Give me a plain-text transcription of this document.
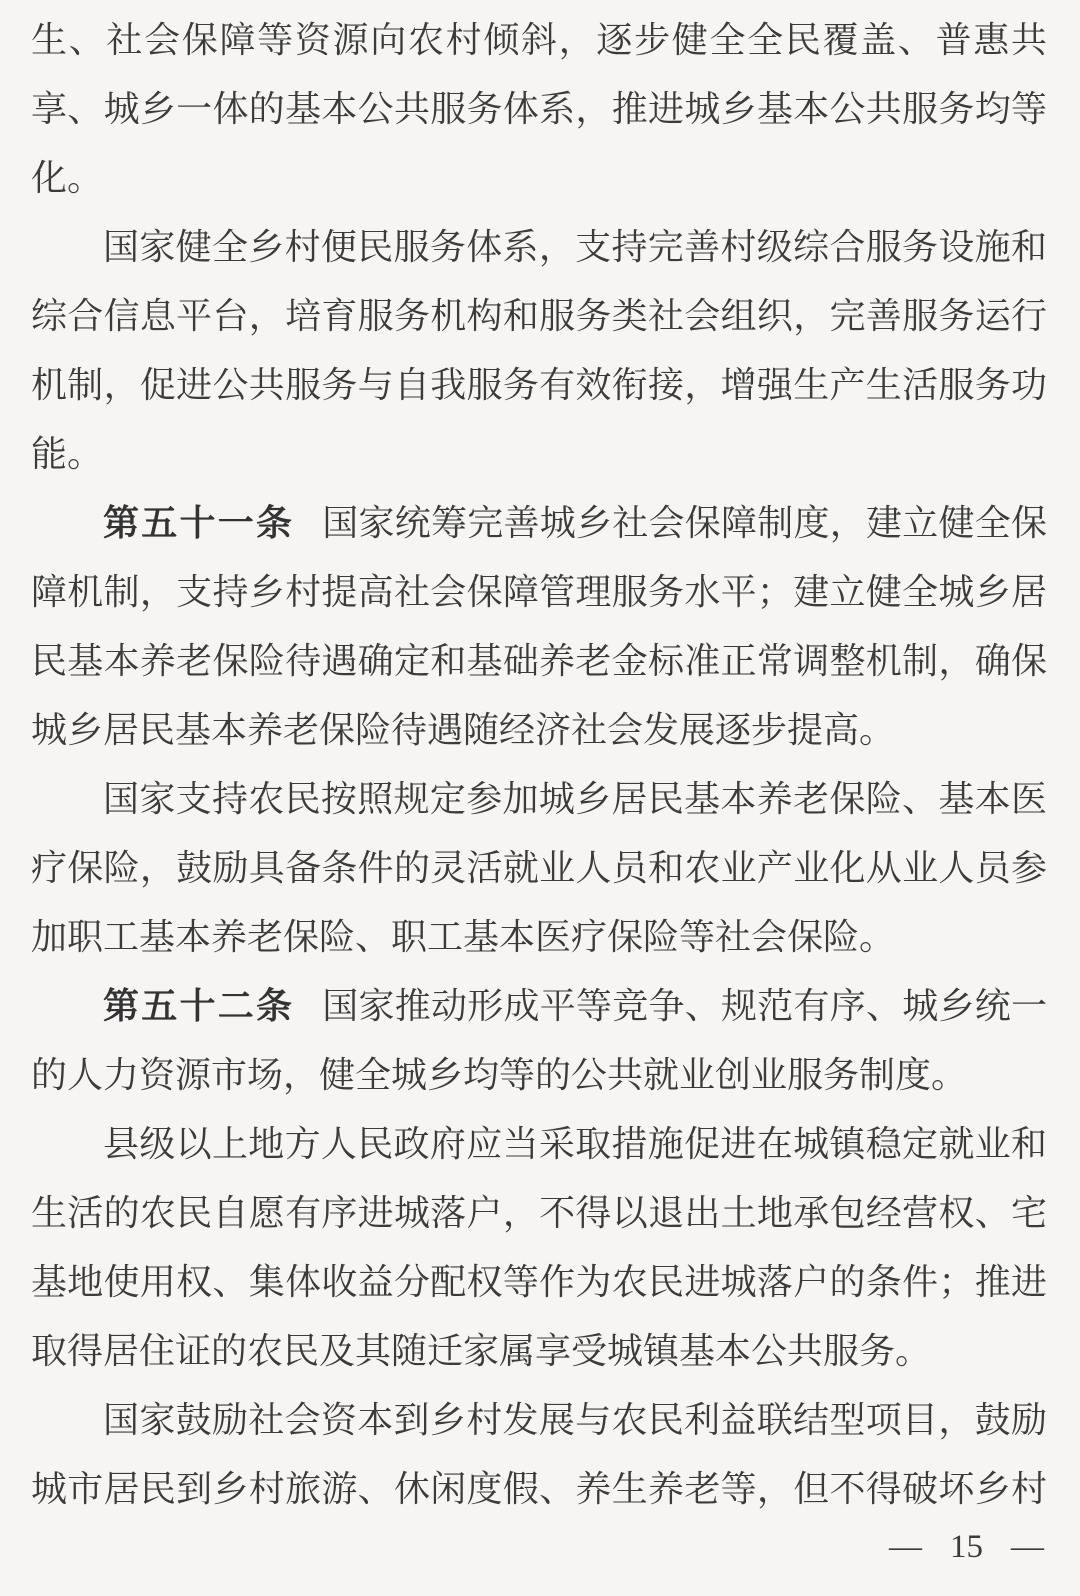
生、社会保障等资源向农村倾斜，逐步健全全民覆盖、普惠共
享、城乡一体的基本公共服务体系，推进城乡基本公共服务均等
化。
国家健全乡村便民服务体系，支持完善村级综合服务设施和
综合信息平台，培育服务机构和服务类社会组织，完善服务运行
机制，促进公共服务与自我服务有效衔接，增强生产生活服务功
能。
第五十一条 国家统筹完善城乡社会保障制度，建立健全保
障机制，支持乡村提高社会保障管理服务水平；建立健全城乡居
民基本养老保险待遇确定和基础养老金标准正常调整机制，确保
城乡居民基本养老保险待遇随经济社会发展逐步提高。
国家支持农民按照规定参加城乡居民基本养老保险、基本医
疗保险，鼓励具备条件的灵活就业人员和农业产业化从业人员参
加职工基本养老保险、职工基本医疗保险等社会保险。
第五十二条 国家推动形成平等竞争、规范有序、城乡统一
的人力资源市场，健全城乡均等的公共就业创业服务制度。
县级以上地方人民政府应当采取措施促进在城镇稳定就业和
生活的农民自愿有序进城落户，不得以退出土地承包经营权、宅
基地使用权、集体收益分配权等作为农民进城落户的条件；推进
取得居住证的农民及其随迁家属享受城镇基本公共服务。
国家鼓励社会资本到乡村发展与农民利益联结型项目，鼓励
城市居民到乡村旅游、休闲度假、养生养老等，但不得破坏乡村
— 15 —
